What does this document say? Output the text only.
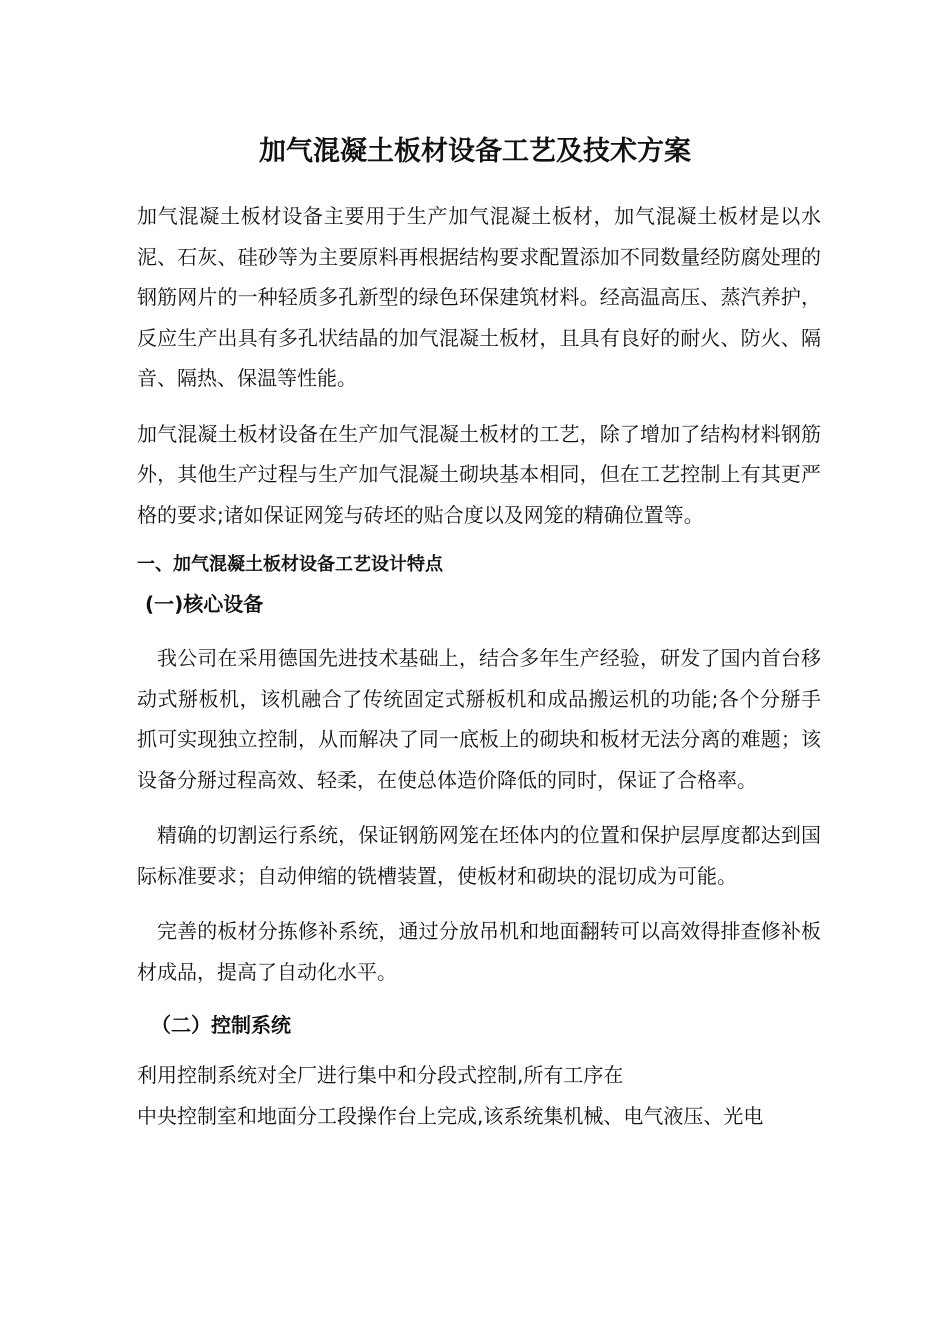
加气混凝土板材设备工艺及技术方案

加气混凝土板材设备主要用于生产加气混凝土板材，加气混凝土板材是以水泥、石灰、硅砂等为主要原料再根据结构要求配置添加不同数量经防腐处理的钢筋网片的一种轻质多孔新型的绿色环保建筑材料。经高温高压、蒸汽养护，反应生产出具有多孔状结晶的加气混凝土板材，且具有良好的耐火、防火、隔音、隔热、保温等性能。

加气混凝土板材设备在生产加气混凝土板材的工艺，除了增加了结构材料钢筋外，其他生产过程与生产加气混凝土砌块基本相同，但在工艺控制上有其更严格的要求;诸如保证网笼与砖坯的贴合度以及网笼的精确位置等。

一、加气混凝土板材设备工艺设计特点
(一)核心设备

我公司在采用德国先进技术基础上，结合多年生产经验，研发了国内首台移动式掰板机，该机融合了传统固定式掰板机和成品搬运机的功能;各个分掰手抓可实现独立控制，从而解决了同一底板上的砌块和板材无法分离的难题；该设备分掰过程高效、轻柔，在使总体造价降低的同时，保证了合格率。

精确的切割运行系统，保证钢筋网笼在坯体内的位置和保护层厚度都达到国际标准要求；自动伸缩的铣槽装置，使板材和砌块的混切成为可能。

完善的板材分拣修补系统，通过分放吊机和地面翻转可以高效得排查修补板材成品，提高了自动化水平。

（二）控制系统
利用控制系统对全厂进行集中和分段式控制,所有工序在
中央控制室和地面分工段操作台上完成,该系统集机械、电气液压、光电
